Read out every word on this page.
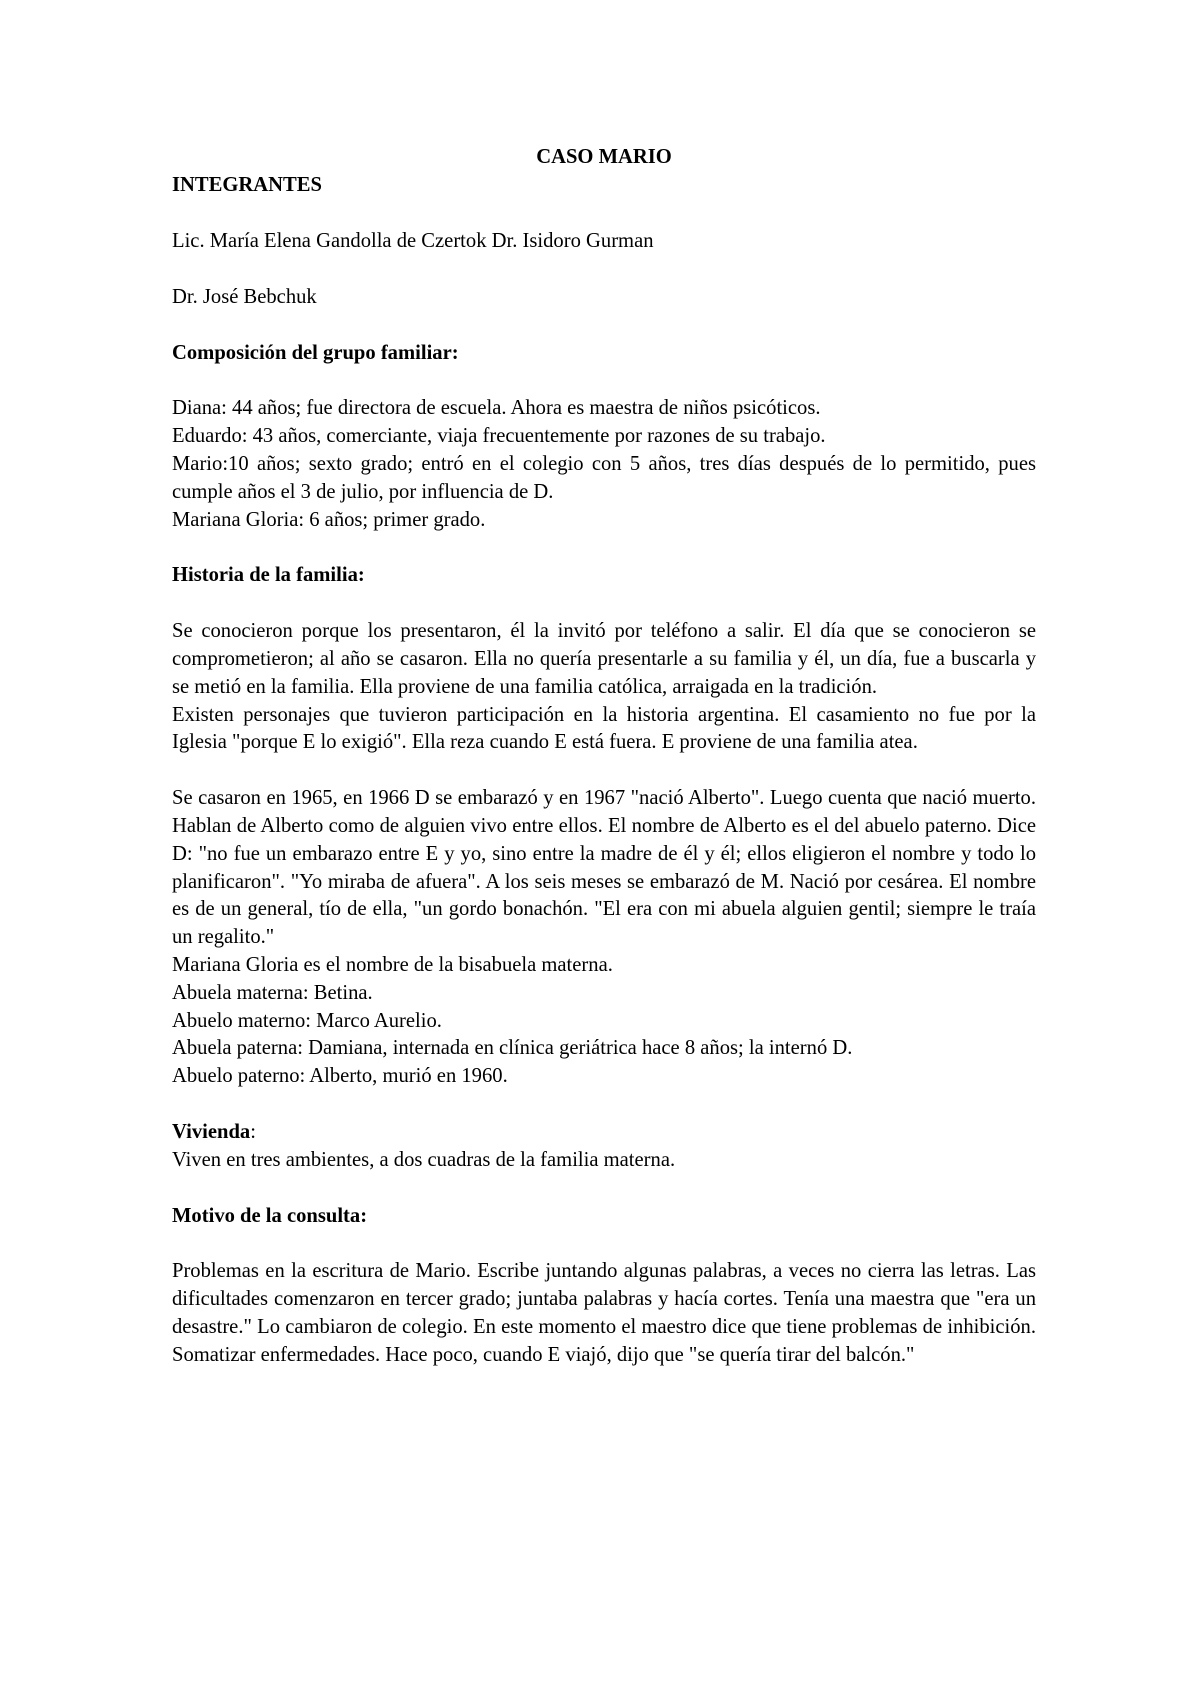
CASO MARIO

INTEGRANTES

Lic. María Elena Gandolla de Czertok Dr. Isidoro Gurman

Dr. José Bebchuk

Composición del grupo familiar:

Diana: 44 años; fue directora de escuela. Ahora es maestra de niños psicóticos.

Eduardo: 43 años, comerciante, viaja frecuentemente por razones de su trabajo.

Mario:10 años; sexto grado; entró en el colegio con 5 años, tres días después de lo permitido, pues cumple años el 3 de julio, por influencia de D.

Mariana Gloria: 6 años; primer grado.

Historia de la familia:

Se conocieron porque los presentaron, él la invitó por teléfono a salir. El día que se conocieron se comprometieron; al año se casaron. Ella no quería presentarle a su familia y él, un día, fue a buscarla y se metió en la familia. Ella proviene de una familia católica, arraigada en la tradición.

Existen personajes que tuvieron participación en la historia argentina. El casamiento no fue por la Iglesia "porque E lo exigió". Ella reza cuando E está fuera. E proviene de una familia atea.

Se casaron en 1965, en 1966 D se embarazó y en 1967 "nació Alberto". Luego cuenta que nació muerto. Hablan de Alberto como de alguien vivo entre ellos. El nombre de Alberto es el del abuelo paterno. Dice D: "no fue un embarazo entre E y yo, sino entre la madre de él y él; ellos eligieron el nombre y todo lo planificaron". "Yo miraba de afuera". A los seis meses se embarazó de M. Nació por cesárea. El nombre es de un general, tío de ella, "un gordo bonachón. "El era con mi abuela alguien gentil; siempre le traía un regalito."

Mariana Gloria es el nombre de la bisabuela materna.

Abuela materna: Betina.

Abuelo materno: Marco Aurelio.

Abuela paterna: Damiana, internada en clínica geriátrica hace 8 años; la internó D.

Abuelo paterno: Alberto, murió en 1960.

Vivienda:

Viven en tres ambientes, a dos cuadras de la familia materna.

Motivo de la consulta:

Problemas en la escritura de Mario. Escribe juntando algunas palabras, a veces no cierra las letras. Las dificultades comenzaron en tercer grado; juntaba palabras y hacía cortes. Tenía una maestra que "era un desastre." Lo cambiaron de colegio. En este momento el maestro dice que tiene problemas de inhibición. Somatizar enfermedades. Hace poco, cuando E viajó, dijo que "se quería tirar del balcón."
